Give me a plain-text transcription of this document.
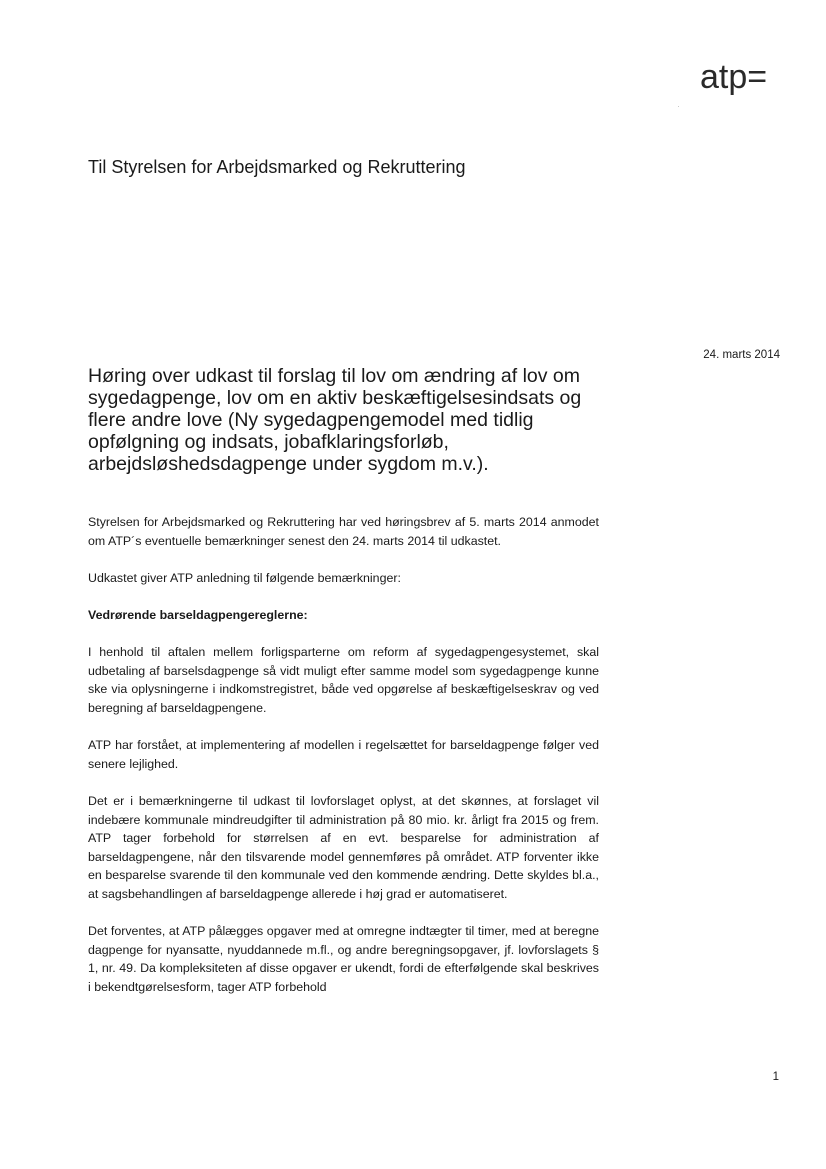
atp=
Til Styrelsen for Arbejdsmarked og Rekruttering
24. marts 2014
Høring over udkast til forslag til lov om ændring af lov om
sygedagpenge, lov om en aktiv beskæftigelsesindsats og
flere andre love (Ny sygedagpengemodel med tidlig
opfølgning og indsats, jobafklaringsforløb,
arbejdsløshedsdagpenge under sygdom m.v.).

Styrelsen for Arbejdsmarked og Rekruttering har ved høringsbrev af 5. marts 2014 anmodet om ATP´s eventuelle bemærkninger senest den 24. marts 2014 til udkastet.

Udkastet giver ATP anledning til følgende bemærkninger:

Vedrørende barseldagpengereglerne:

I henhold til aftalen mellem forligsparterne om reform af sygedagpengesystemet, skal udbetaling af barselsdagpenge så vidt muligt efter samme model som sygedagpenge kunne ske via oplysningerne i indkomstregistret, både ved opgørelse af beskæftigelseskrav og ved beregning af barseldagpengene.

ATP har forstået, at implementering af modellen i regelsættet for barseldagpenge følger ved senere lejlighed.

Det er i bemærkningerne til udkast til lovforslaget oplyst, at det skønnes, at forslaget vil indebære kommunale mindreudgifter til administration på 80 mio. kr. årligt fra 2015 og frem. ATP tager forbehold for størrelsen af en evt. besparelse for administration af barseldagpengene, når den tilsvarende model gennemføres på området. ATP forventer ikke en besparelse svarende til den kommunale ved den kommende ændring. Dette skyldes bl.a., at sagsbehandlingen af barseldagpenge allerede i høj grad er automatiseret.

Det forventes, at ATP pålægges opgaver med at omregne indtægter til timer, med at beregne dagpenge for nyansatte, nyuddannede m.fl., og andre beregningsopgaver, jf. lovforslagets § 1, nr. 49. Da kompleksiteten af disse opgaver er ukendt, fordi de efterfølgende skal beskrives i bekendtgørelsesform, tager ATP forbehold

1
